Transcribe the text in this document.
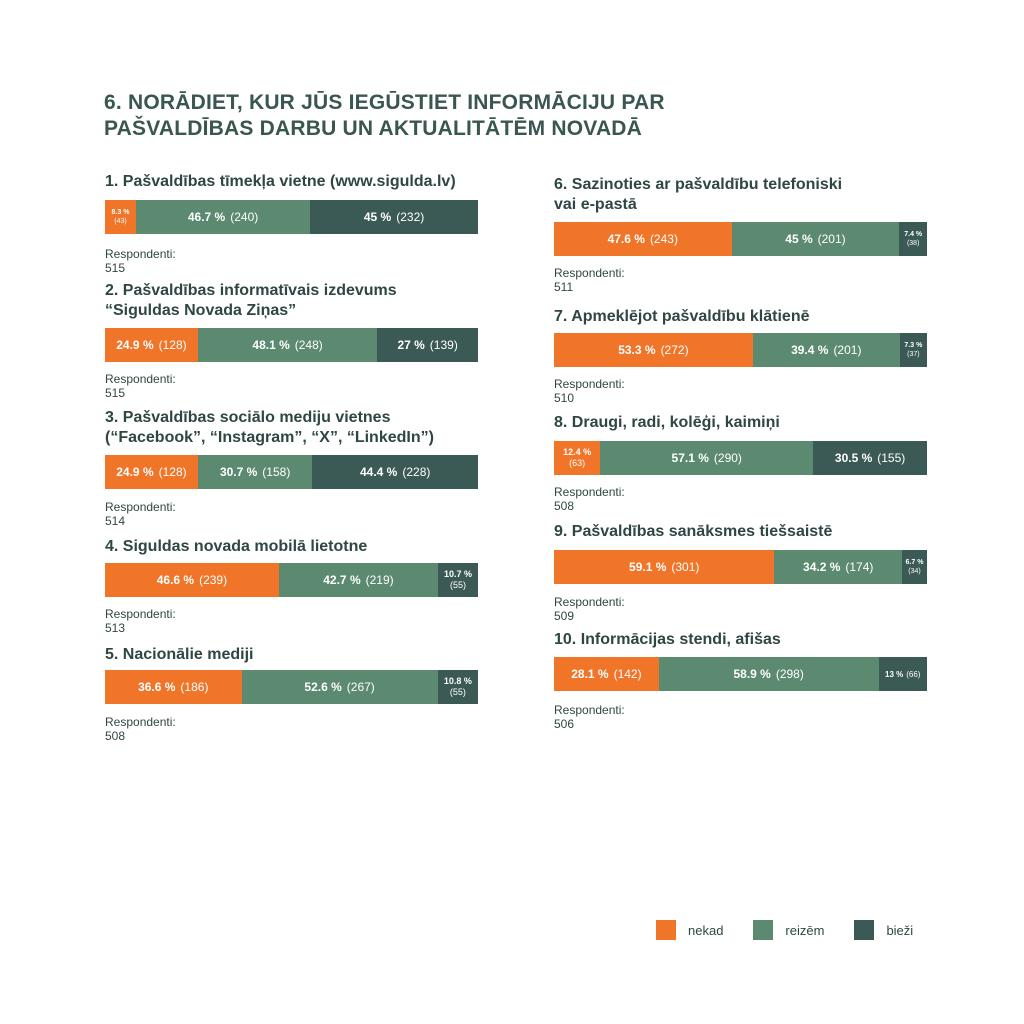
6. NORĀDIET, KUR JŪS IEGŪSTIET INFORMĀCIJU PAR
PAŠVALDĪBAS DARBU UN AKTUALITĀTĒM NOVADĀ
1. Pašvaldības tīmekļa vietne (www.sigulda.lv)
8.3 %
(43)	46.7 % (240)	45 % (232)
Respondenti: 515
2. Pašvaldības informatīvais izdevums
“Siguldas Novada Ziņas”
24.9 % (128)	48.1 % (248)	27 % (139)
Respondenti: 515
3. Pašvaldības sociālo mediju vietnes
(“Facebook”, “Instagram”, “X”, “LinkedIn”)
24.9 % (128)	30.7 % (158)	44.4 % (228)
Respondenti: 514
4. Siguldas novada mobilā lietotne
46.6 % (239)	42.7 % (219)	10.7 %
(55)
Respondenti: 513
5. Nacionālie mediji
36.6 % (186)	52.6 % (267)	10.8 %
(55)
Respondenti: 508
6. Sazinoties ar pašvaldību telefoniski
vai e-pastā
47.6 % (243)	45 % (201)	7.4 %
(38)
Respondenti: 511
7. Apmeklējot pašvaldību klātienē
53.3 % (272)	39.4 % (201)	7.3 %
(37)
Respondenti: 510
8. Draugi, radi, kolēģi, kaimiņi
12.4 %
(63)	57.1 % (290)	30.5 % (155)
Respondenti: 508
9. Pašvaldības sanāksmes tiešsaistē
59.1 % (301)	34.2 % (174)	6.7 %
(34)
Respondenti: 509
10. Informācijas stendi, afišas
28.1 % (142)	58.9 % (298)	13 % (66)
Respondenti: 506
nekad	reizēm	bieži
